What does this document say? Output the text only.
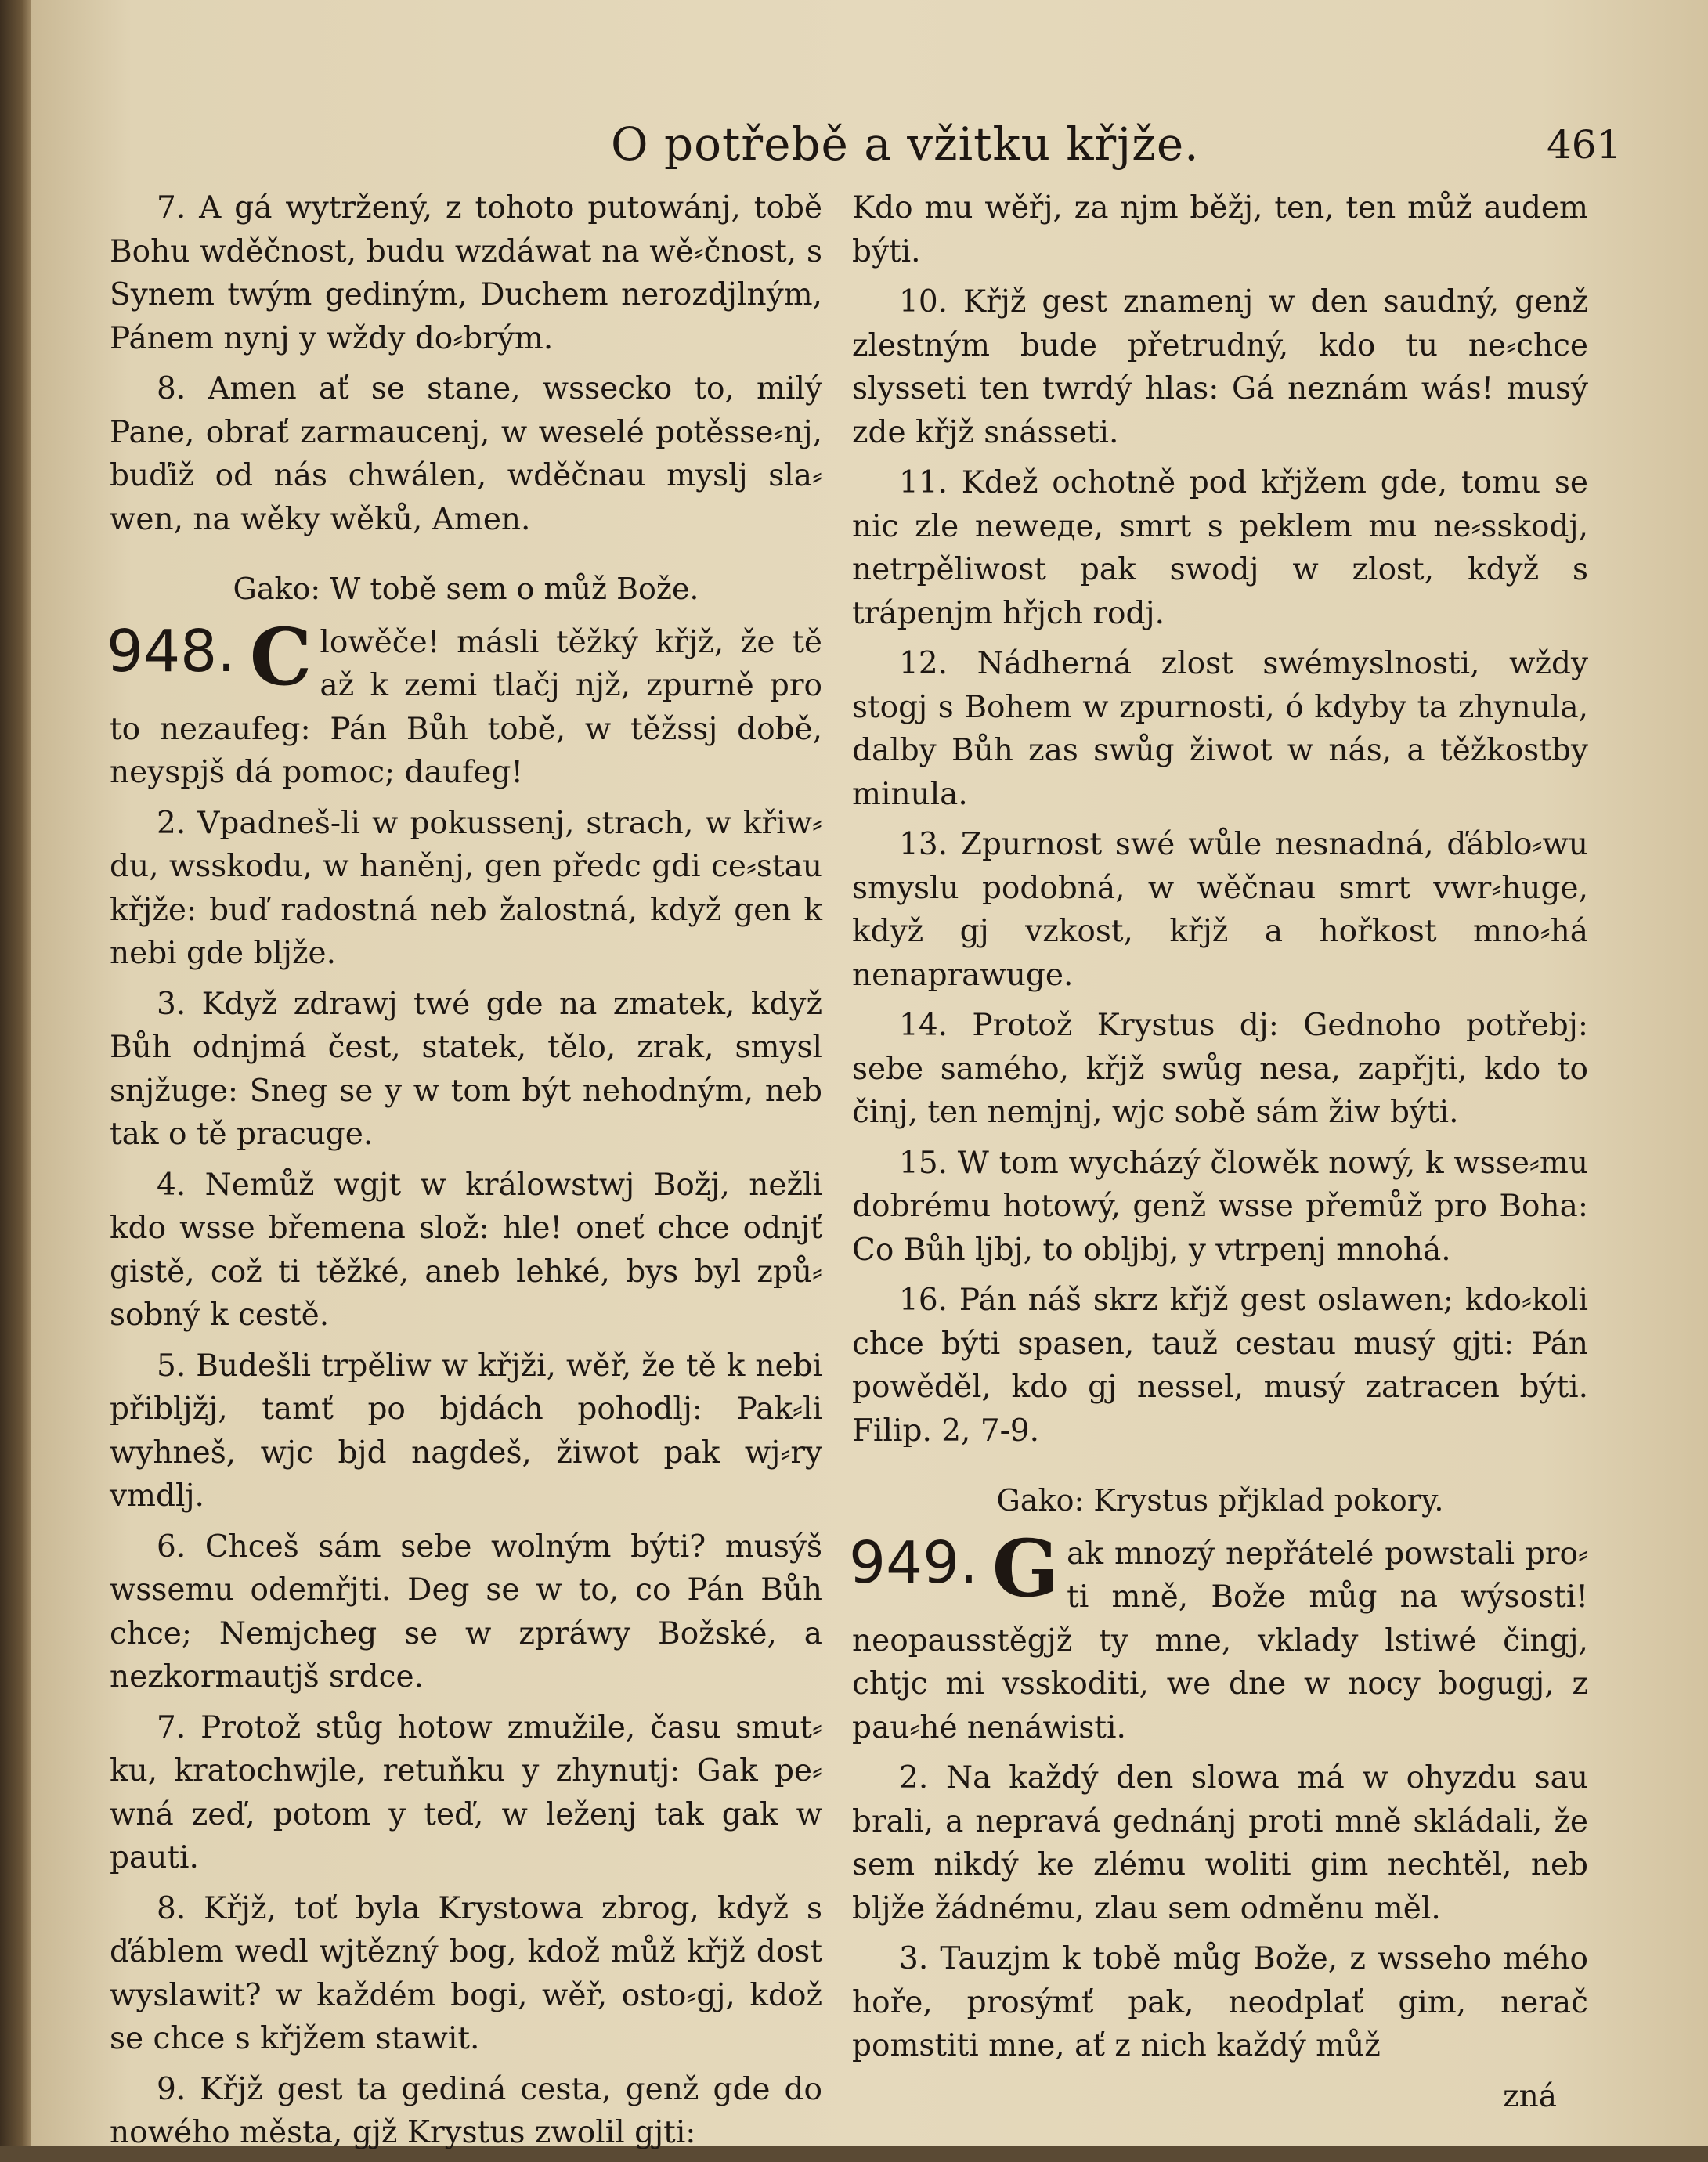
O potřebě a vžitku křjže.	461

7. A gá wytržený, z tohoto putowánj, tobě Bohu wděčnost, budu wzdáwat na wě⸗čnost, s Synem twým gediným, Duchem nerozdjlným, Pánem nynj y wždy do⸗brým.

8. Amen ať se stane, wssecko to, milý Pane, obrať zarmaucenj, w weselé potěsse⸗nj, buďiž od nás chwálen, wděčnau myslj sla⸗wen, na wěky wěků, Amen.

Gako: W tobě sem o můž Bože.
948. C lowěče! másli těžký křjž, že tě až k zemi tlačj njž, zpurně pro to nezaufeg: Pán Bůh tobě, w těžssj době, neyspjš dá pomoc; daufeg!

2. Vpadneš-li w pokussenj, strach, w křiw⸗du, wsskodu, w haněnj, gen předc gdi ce⸗stau křjže: buď radostná neb žalostná, když gen k nebi gde bljže.

3. Když zdrawj twé gde na zmatek, když Bůh odnjmá čest, statek, tělo, zrak, smysl snjžuge: Sneg se y w tom být nehodným, neb tak o tě pracuge.

4. Nemůž wgjt w králowstwj Božj, nežli kdo wsse břemena slož: hle! oneť chce odnjť gistě, což ti těžké, aneb lehké, bys byl způ⸗sobný k cestě.

5. Budešli trpěliw w křjži, wěř, že tě k nebi přibljžj, tamť po bjdách pohodlj: Pak⸗li wyhneš, wjc bjd nagdeš, žiwot pak wj⸗ry vmdlj.

6. Chceš sám sebe wolným býti? musýš wssemu odemřjti. Deg se w to, co Pán Bůh chce; Nemjcheg se w zpráwy Božské, a nezkormautjš srdce.

7. Protož stůg hotow zmužile, času smut⸗ku, kratochwjle, retuňku y zhynutj: Gak pe⸗wná zeď, potom y teď, w leženj tak gak w pauti.

8. Křjž, toť byla Krystowa zbrog, když s ďáblem wedl wjtězný bog, kdož můž křjž dost wyslawit? w každém bogi, wěř, osto⸗gj, kdož se chce s křjžem stawit.

9. Křjž gest ta gediná cesta, genž gde do nowého města, gjž Krystus zwolil gjti:

Kdo mu wěřj, za njm běžj, ten, ten můž audem býti.

10. Křjž gest znamenj w den saudný, genž zlestným bude přetrudný, kdo tu ne⸗chce slysseti ten twrdý hlas: Gá neznám wás! musý zde křjž snásseti.

11. Kdež ochotně pod křjžem gde, tomu se nic zle neweде, smrt s peklem mu ne⸗sskodj, netrpěliwost pak swodj w zlost, když s trápenjm hřjch rodj.

12. Nádherná zlost swémyslnosti, wždy stogj s Bohem w zpurnosti, ó kdyby ta zhynula, dalby Bůh zas swůg žiwot w nás, a těžkostby minula.

13. Zpurnost swé wůle nesnadná, ďáblo⸗wu smyslu podobná, w wěčnau smrt vwr⸗huge, když gj vzkost, křjž a hořkost mno⸗há nenaprawuge.

14. Protož Krystus dj: Gednoho potřebj: sebe samého, křjž swůg nesa, zapřjti, kdo to činj, ten nemjnj, wjc sobě sám žiw býti.

15. W tom wycházý člowěk nowý, k wsse⸗mu dobrému hotowý, genž wsse přemůž pro Boha: Co Bůh ljbj, to obljbj, y vtrpenj mnohá.

16. Pán náš skrz křjž gest oslawen; kdo⸗koli chce býti spasen, tauž cestau musý gjti: Pán powěděl, kdo gj nessel, musý zatracen býti. Filip. 2, 7-9.

Gako: Krystus přjklad pokory.
949. G ak mnozý nepřátelé powstali pro⸗ti mně, Bože můg na wýsosti! neopausstěgjž ty mne, vklady lstiwé čingj, chtjc mi vsskoditi, we dne w nocy bogugj, z pau⸗hé nenáwisti.

2. Na každý den slowa má w ohyzdu sau brali, a nepravá gednánj proti mně skládali, že sem nikdý ke zlému woliti gim nechtěl, neb bljže žádnému, zlau sem odměnu měl.

3. Tauzjm k tobě můg Bože, z wsseho mého hoře, prosýmť pak, neodplať gim, nerač pomstiti mne, ať z nich každý můž

zná
